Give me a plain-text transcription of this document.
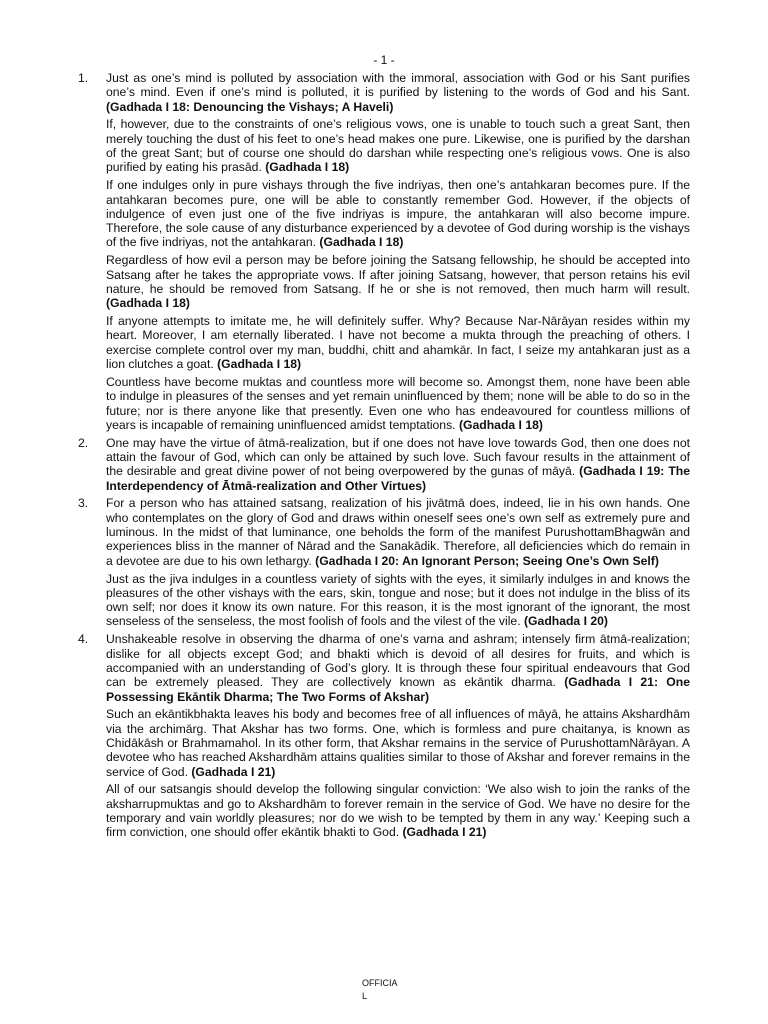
- 1 -
1. Just as one’s mind is polluted by association with the immoral, association with God or his Sant purifies one’s mind. Even if one’s mind is polluted, it is purified by listening to the words of God and his Sant. (Gadhada I 18: Denouncing the Vishays; A Haveli)

If, however, due to the constraints of one’s religious vows, one is unable to touch such a great Sant, then merely touching the dust of his feet to one’s head makes one pure. Likewise, one is purified by the darshan of the great Sant; but of course one should do darshan while respecting one’s religious vows. One is also purified by eating his prasād. (Gadhada I 18)

If one indulges only in pure vishays through the five indriyas, then one’s antahkaran becomes pure. If the antahkaran becomes pure, one will be able to constantly remember God. However, if the objects of indulgence of even just one of the five indriyas is impure, the antahkaran will also become impure. Therefore, the sole cause of any disturbance experienced by a devotee of God during worship is the vishays of the five indriyas, not the antahkaran. (Gadhada I 18)

Regardless of how evil a person may be before joining the Satsang fellowship, he should be accepted into Satsang after he takes the appropriate vows. If after joining Satsang, however, that person retains his evil nature, he should be removed from Satsang. If he or she is not removed, then much harm will result. (Gadhada I 18)

If anyone attempts to imitate me, he will definitely suffer. Why? Because Nar-Nārāyan resides within my heart. Moreover, I am eternally liberated. I have not become a mukta through the preaching of others. I exercise complete control over my man, buddhi, chitt and ahamkār. In fact, I seize my antahkaran just as a lion clutches a goat. (Gadhada I 18)

Countless have become muktas and countless more will become so. Amongst them, none have been able to indulge in pleasures of the senses and yet remain uninfluenced by them; none will be able to do so in the future; nor is there anyone like that presently. Even one who has endeavoured for countless millions of years is incapable of remaining uninfluenced amidst temptations. (Gadhada I 18)

2. One may have the virtue of ātmā-realization, but if one does not have love towards God, then one does not attain the favour of God, which can only be attained by such love. Such favour results in the attainment of the desirable and great divine power of not being overpowered by the gunas of māyā. (Gadhada I 19: The Interdependency of Ātmā-realization and Other Virtues)

3. For a person who has attained satsang, realization of his jivātmā does, indeed, lie in his own hands. One who contemplates on the glory of God and draws within oneself sees one’s own self as extremely pure and luminous. In the midst of that luminance, one beholds the form of the manifest PurushottamBhagwān and experiences bliss in the manner of Nārad and the Sanakādik. Therefore, all deficiencies which do remain in a devotee are due to his own lethargy. (Gadhada I 20: An Ignorant Person; Seeing One’s Own Self)

Just as the jiva indulges in a countless variety of sights with the eyes, it similarly indulges in and knows the pleasures of the other vishays with the ears, skin, tongue and nose; but it does not indulge in the bliss of its own self; nor does it know its own nature. For this reason, it is the most ignorant of the ignorant, the most senseless of the senseless, the most foolish of fools and the vilest of the vile. (Gadhada I 20)

4. Unshakeable resolve in observing the dharma of one’s varna and ashram; intensely firm ātmā-realization; dislike for all objects except God; and bhakti which is devoid of all desires for fruits, and which is accompanied with an understanding of God’s glory. It is through these four spiritual endeavours that God can be extremely pleased. They are collectively known as ekāntik dharma. (Gadhada I 21: One Possessing Ekāntik Dharma; The Two Forms of Akshar)

Such an ekāntikbhakta leaves his body and becomes free of all influences of māyā, he attains Akshardhām via the archimārg. That Akshar has two forms. One, which is formless and pure chaitanya, is known as Chidākāsh or Brahmamahol. In its other form, that Akshar remains in the service of PurushottamNārāyan. A devotee who has reached Akshardhām attains qualities similar to those of Akshar and forever remains in the service of God. (Gadhada I 21)

All of our satsangis should develop the following singular conviction: ‘We also wish to join the ranks of the aksharrupmuktas and go to Akshardhām to forever remain in the service of God. We have no desire for the temporary and vain worldly pleasures; nor do we wish to be tempted by them in any way.’ Keeping such a firm conviction, one should offer ekāntik bhakti to God. (Gadhada I 21)

OFFICIA
L
